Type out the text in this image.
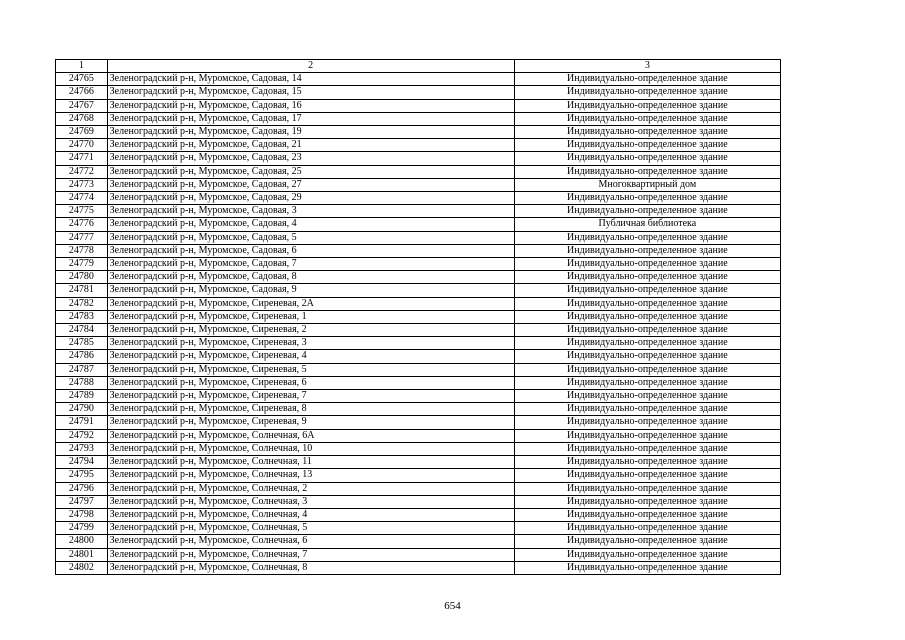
1	2	3
24765	Зеленоградский р-н, Муромское, Садовая, 14	Индивидуально-определенное здание
24766	Зеленоградский р-н, Муромское, Садовая, 15	Индивидуально-определенное здание
24767	Зеленоградский р-н, Муромское, Садовая, 16	Индивидуально-определенное здание
24768	Зеленоградский р-н, Муромское, Садовая, 17	Индивидуально-определенное здание
24769	Зеленоградский р-н, Муромское, Садовая, 19	Индивидуально-определенное здание
24770	Зеленоградский р-н, Муромское, Садовая, 21	Индивидуально-определенное здание
24771	Зеленоградский р-н, Муромское, Садовая, 23	Индивидуально-определенное здание
24772	Зеленоградский р-н, Муромское, Садовая, 25	Индивидуально-определенное здание
24773	Зеленоградский р-н, Муромское, Садовая, 27	Многоквартирный дом
24774	Зеленоградский р-н, Муромское, Садовая, 29	Индивидуально-определенное здание
24775	Зеленоградский р-н, Муромское, Садовая, 3	Индивидуально-определенное здание
24776	Зеленоградский р-н, Муромское, Садовая, 4	Публичная библиотека
24777	Зеленоградский р-н, Муромское, Садовая, 5	Индивидуально-определенное здание
24778	Зеленоградский р-н, Муромское, Садовая, 6	Индивидуально-определенное здание
24779	Зеленоградский р-н, Муромское, Садовая, 7	Индивидуально-определенное здание
24780	Зеленоградский р-н, Муромское, Садовая, 8	Индивидуально-определенное здание
24781	Зеленоградский р-н, Муромское, Садовая, 9	Индивидуально-определенное здание
24782	Зеленоградский р-н, Муромское, Сиреневая, 2А	Индивидуально-определенное здание
24783	Зеленоградский р-н, Муромское, Сиреневая, 1	Индивидуально-определенное здание
24784	Зеленоградский р-н, Муромское, Сиреневая, 2	Индивидуально-определенное здание
24785	Зеленоградский р-н, Муромское, Сиреневая, 3	Индивидуально-определенное здание
24786	Зеленоградский р-н, Муромское, Сиреневая, 4	Индивидуально-определенное здание
24787	Зеленоградский р-н, Муромское, Сиреневая, 5	Индивидуально-определенное здание
24788	Зеленоградский р-н, Муромское, Сиреневая, 6	Индивидуально-определенное здание
24789	Зеленоградский р-н, Муромское, Сиреневая, 7	Индивидуально-определенное здание
24790	Зеленоградский р-н, Муромское, Сиреневая, 8	Индивидуально-определенное здание
24791	Зеленоградский р-н, Муромское, Сиреневая, 9	Индивидуально-определенное здание
24792	Зеленоградский р-н, Муромское, Солнечная, 6А	Индивидуально-определенное здание
24793	Зеленоградский р-н, Муромское, Солнечная, 10	Индивидуально-определенное здание
24794	Зеленоградский р-н, Муромское, Солнечная, 11	Индивидуально-определенное здание
24795	Зеленоградский р-н, Муромское, Солнечная, 13	Индивидуально-определенное здание
24796	Зеленоградский р-н, Муромское, Солнечная, 2	Индивидуально-определенное здание
24797	Зеленоградский р-н, Муромское, Солнечная, 3	Индивидуально-определенное здание
24798	Зеленоградский р-н, Муромское, Солнечная, 4	Индивидуально-определенное здание
24799	Зеленоградский р-н, Муромское, Солнечная, 5	Индивидуально-определенное здание
24800	Зеленоградский р-н, Муромское, Солнечная, 6	Индивидуально-определенное здание
24801	Зеленоградский р-н, Муромское, Солнечная, 7	Индивидуально-определенное здание
24802	Зеленоградский р-н, Муромское, Солнечная, 8	Индивидуально-определенное здание
654
